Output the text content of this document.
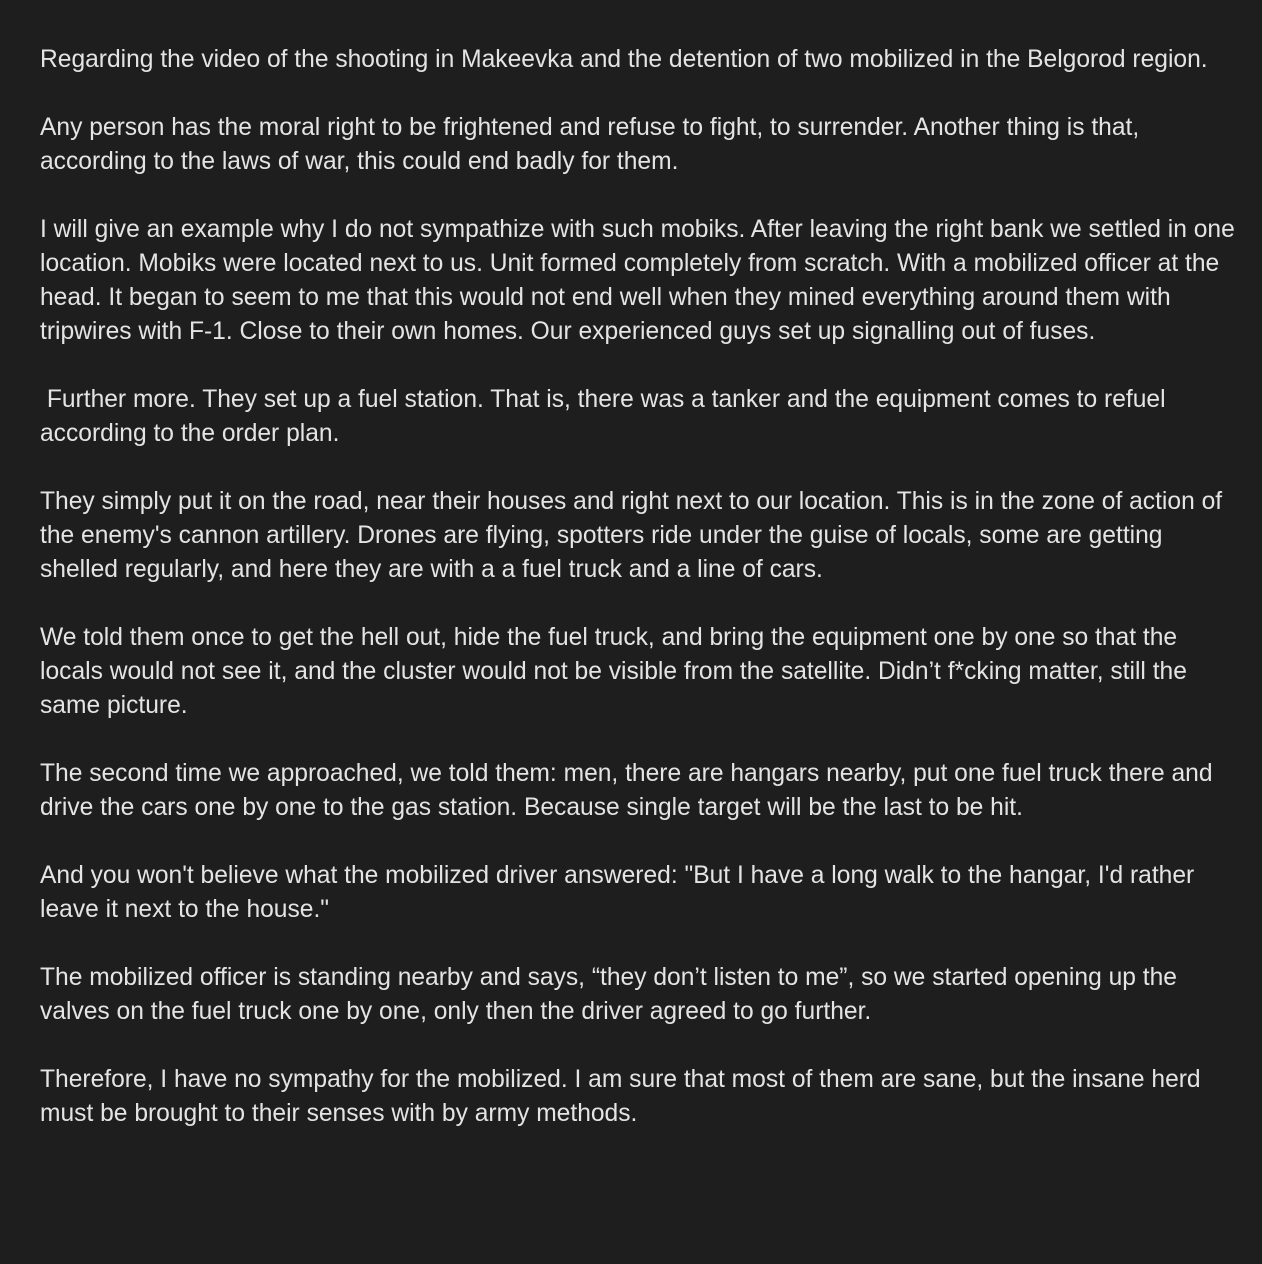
Regarding the video of the shooting in Makeevka and the detention of two mobilized in the Belgorod region.

Any person has the moral right to be frightened and refuse to fight, to surrender. Another thing is that, according to the laws of war, this could end badly for them.

I will give an example why I do not sympathize with such mobiks. After leaving the right bank we settled in one location. Mobiks were located next to us. Unit formed completely from scratch. With a mobilized officer at the head. It began to seem to me that this would not end well when they mined everything around them with tripwires with F-1. Close to their own homes. Our experienced guys set up signalling out of fuses.

Further more. They set up a fuel station. That is, there was a tanker and the equipment comes to refuel according to the order plan.

They simply put it on the road, near their houses and right next to our location. This is in the zone of action of the enemy's cannon artillery. Drones are flying, spotters ride under the guise of locals, some are getting shelled regularly, and here they are with a a fuel truck and a line of cars.

We told them once to get the hell out, hide the fuel truck, and bring the equipment one by one so that the locals would not see it, and the cluster would not be visible from the satellite. Didn’t f*cking matter, still the same picture.

The second time we approached, we told them: men, there are hangars nearby, put one fuel truck there and drive the cars one by one to the gas station. Because single target will be the last to be hit.

And you won't believe what the mobilized driver answered: "But I have a long walk to the hangar, I'd rather leave it next to the house."

The mobilized officer is standing nearby and says, “they don’t listen to me”, so we started opening up the valves on the fuel truck one by one, only then the driver agreed to go further.

Therefore, I have no sympathy for the mobilized. I am sure that most of them are sane, but the insane herd must be brought to their senses with by army methods.
